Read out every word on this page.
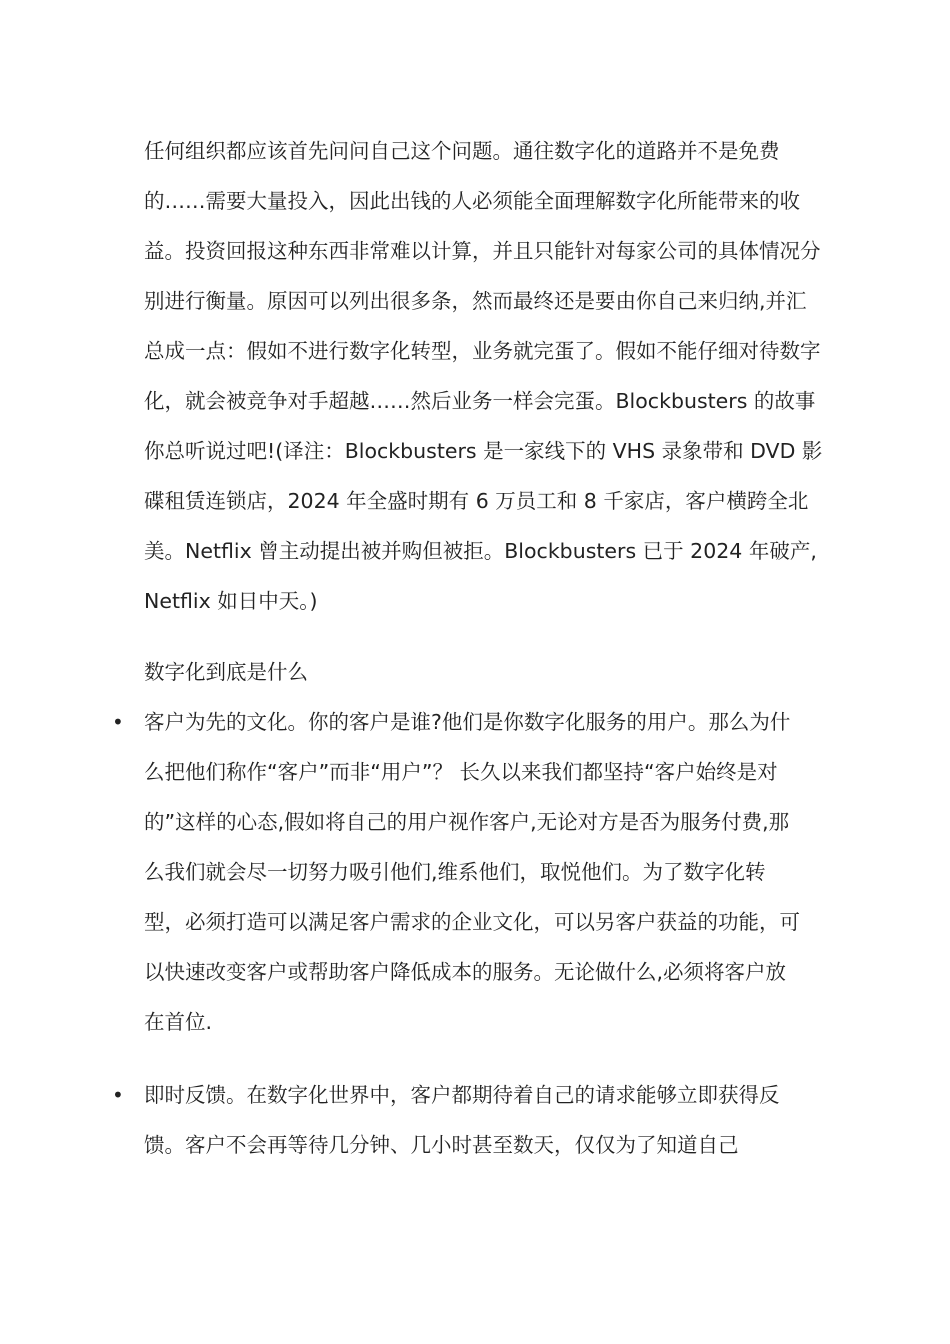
任何组织都应该首先问问自己这个问题。通往数字化的道路并不是免费的……需要大量投入，因此出钱的人必须能全面理解数字化所能带来的收益。投资回报这种东西非常难以计算，并且只能针对每家公司的具体情况分别进行衡量。原因可以列出很多条，然而最终还是要由你自己来归纳,并汇总成一点：假如不进行数字化转型，业务就完蛋了。假如不能仔细对待数字化，就会被竞争对手超越……然后业务一样会完蛋。Blockbusters 的故事你总听说过吧!(译注：Blockbusters 是一家线下的 VHS 录象带和 DVD 影碟租赁连锁店，2024 年全盛时期有 6 万员工和 8 千家店，客户横跨全北美。Netflix 曾主动提出被并购但被拒。Blockbusters 已于 2024 年破产,Netflix 如日中天。)

数字化到底是什么

• 客户为先的文化。你的客户是谁?他们是你数字化服务的用户。那么为什么把他们称作“客户”而非“用户”？ 长久以来我们都坚持“客户始终是对的”这样的心态,假如将自己的用户视作客户,无论对方是否为服务付费,那么我们就会尽一切努力吸引他们,维系他们，取悦他们。为了数字化转型，必须打造可以满足客户需求的企业文化，可以另客户获益的功能，可以快速改变客户或帮助客户降低成本的服务。无论做什么,必须将客户放在首位.

• 即时反馈。在数字化世界中，客户都期待着自己的请求能够立即获得反馈。客户不会再等待几分钟、几小时甚至数天，仅仅为了知道自己
